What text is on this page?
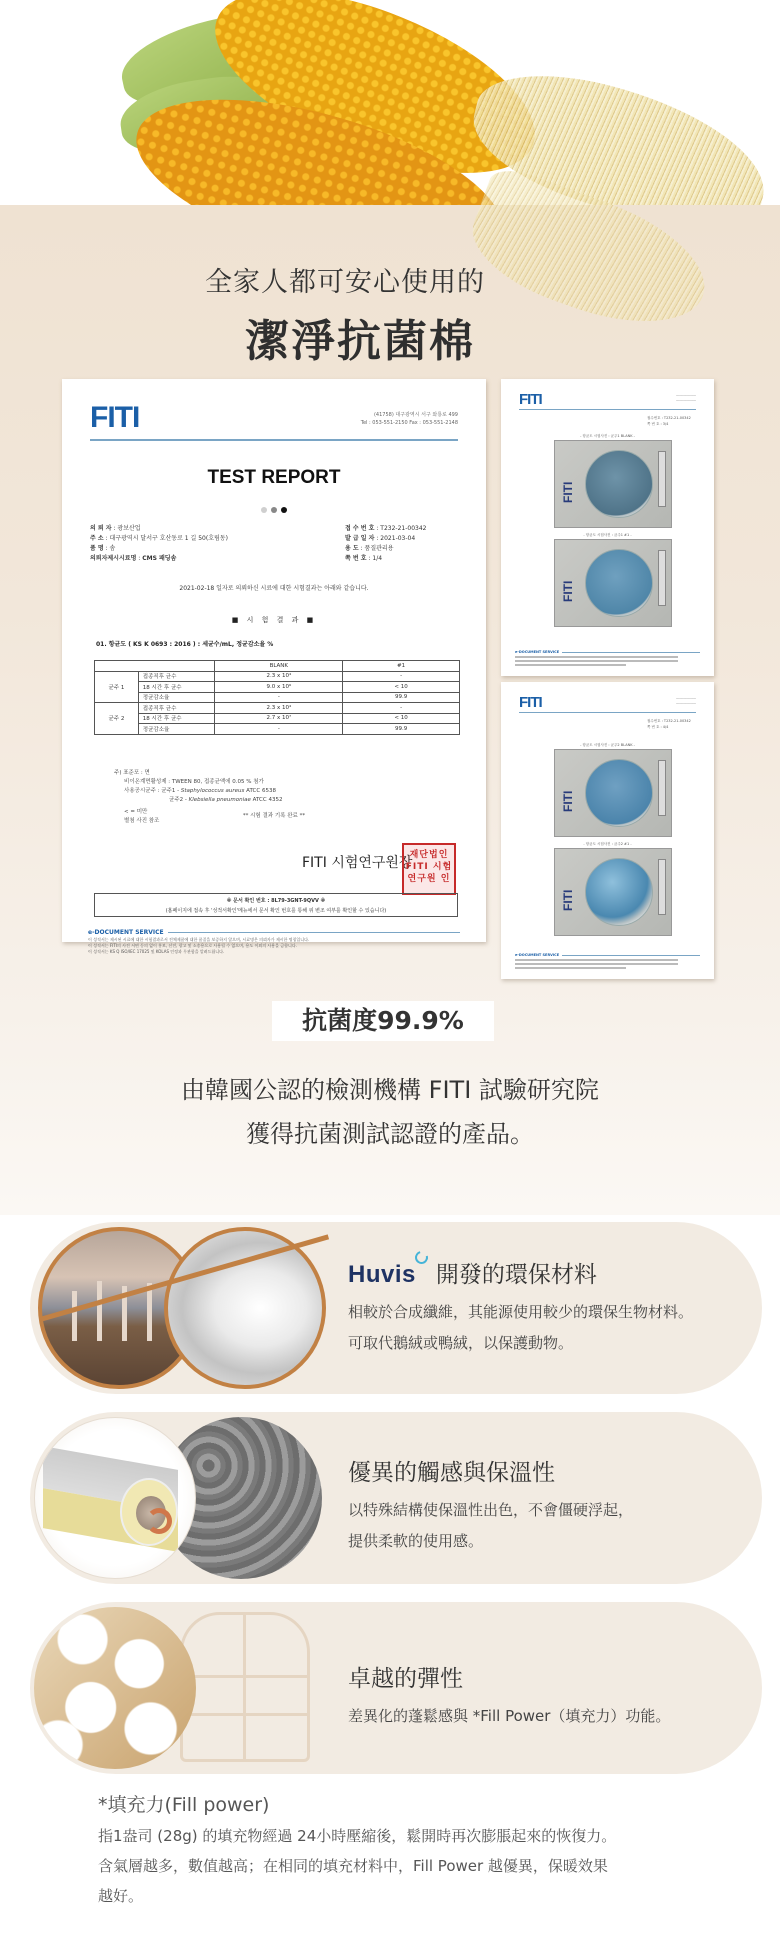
全家人都可安心使用的
潔淨抗菌棉
FITI	(41758) 대구광역시 서구 와룡로 499
Tel : 053-551-2150 Fax : 053-551-2148
TEST REPORT
의 뢰 자 : 광보산업
주 소 : 대구광역시 달서구 호산동로 1 길 50(호림동)
품 명 : 솜
의뢰자제시시료명 : CMS 패딩솜
접 수 번 호 : T232-21-00342
발 급 일 자 : 2021-03-04
용 도 : 품질관리용
쪽 번 호 : 1/4
2021-02-18 일자로 의뢰하신 시료에 대한 시험결과는 아래와 같습니다.
■ 시 험 결 과 ■
01. 항균도 ( KS K 0693 : 2016 ) : 세균수/mL, 정균감소율 %
		BLANK	#1
균주 1	접종직후 균수	2.3 x 10⁴	-
	18 시간 후 균수	9.0 x 10⁶	< 10
	정균감소율	-	99.9
균주 2	접종직후 균수	2.3 x 10⁴	-
	18 시간 후 균수	2.7 x 10⁷	< 10
	정균감소율	-	99.9
주) 표준포 : 면
비이온계면활성제 : TWEEN 80, 접종균액에 0.05 % 첨가
사용공시균주 : 균주1 - Staphylococcus aureus ATCC 6538
균주2 - Klebsiella pneumoniae ATCC 4352
< = 미만
별첨 사진 참조
** 시험 결과 기록 완료 **
FITI 시험연구원장
재단법인 FITI 시험연구원 인
※ 문서 확인 번호 : 8L79-3GNT-9QVV ※
(홈페이지에 접속 후 '성적서확인'메뉴에서 문서 확인 번호를 통해 위 변조 여부를 확인할 수 있습니다)
e-DOCUMENT SERVICE
이 성적서는 제시된 시료에 대한 시험결과로서 전체제품에 대한 품질을 보증하지 않으며, 시료명은 의뢰자가 제시한 명칭입니다.
이 성적서는 FITI의 사전 서면 동의 없이 홍보, 선전, 광고 및 소송용으로 사용될 수 없으며, 용도 이외의 사용을 금합니다.
이 성적서는 KS Q ISO/IEC 17025 및 KOLAS 인정과 무관함을 알려드립니다.
FITI	───────────
───────────
접수번호 : T232-21-00342
쪽 번 호 : 3/4
- 항균도 시험사진 : 균주1 BLANK -
FITI
- 항균도 시험사진 : 균주1 #1 -
FITI
e-DOCUMENT SERVICE
FITI	───────────
───────────
접수번호 : T232-21-00342
쪽 번 호 : 4/4
- 항균도 시험사진 : 균주2 BLANK -
FITI
- 항균도 시험사진 : 균주2 #1 -
FITI
e-DOCUMENT SERVICE
抗菌度99.9%
由韓國公認的檢測機構 FITI 試驗研究院
獲得抗菌測試認證的產品。
Huvis 開發的環保材料
相較於合成纖維，其能源使用較少的環保生物材料。
可取代鵝絨或鴨絨，以保護動物。
優異的觸感與保溫性
以特殊結構使保溫性出色，不會僵硬浮起，
提供柔軟的使用感。
卓越的彈性
差異化的蓬鬆感與 *Fill Power（填充力）功能。
*填充力(Fill power)
指1盎司 (28g) 的填充物經過 24小時壓縮後，鬆開時再次膨脹起來的恢復力。
含氣層越多，數值越高；在相同的填充材料中，Fill Power 越優異，保暖效果
越好。
